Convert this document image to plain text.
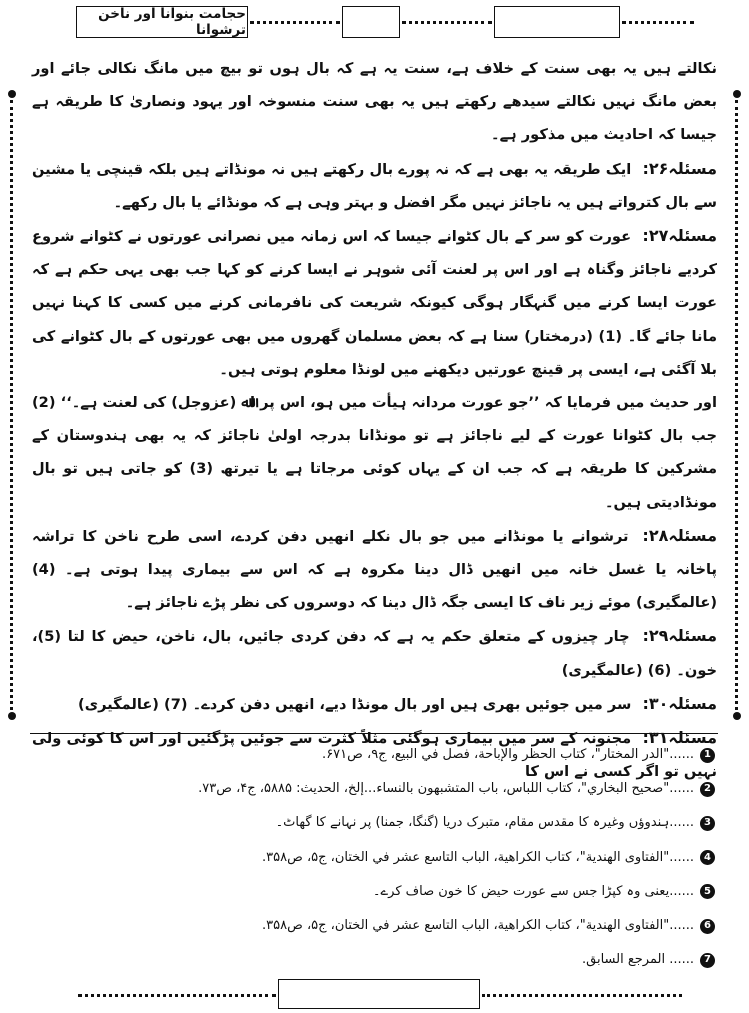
حجامت بنوانا اور ناخن ترشوانا

نکالتے ہیں یہ بھی سنت کے خلاف ہے، سنت یہ ہے کہ بال ہوں تو بیچ میں مانگ نکالی جائے اور بعض مانگ نہیں نکالتے سیدھے رکھتے ہیں یہ بھی سنت منسوخہ اور یہود ونصاریٰ کا طریقہ ہے جیسا کہ احادیث میں مذکور ہے۔

مسئلہ۲۶: ایک طریقہ یہ بھی ہے کہ نہ پورے بال رکھتے ہیں نہ مونڈاتے ہیں بلکہ قینچی یا مشین سے بال کترواتے ہیں یہ ناجائز نہیں مگر افضل و بہتر وہی ہے کہ مونڈائے یا بال رکھے۔

مسئلہ۲۷: عورت کو سر کے بال کٹوانے جیسا کہ اس زمانہ میں نصرانی عورتوں نے کٹوانے شروع کردیے ناجائز وگناہ ہے اور اس پر لعنت آئی شوہر نے ایسا کرنے کو کہا جب بھی یہی حکم ہے کہ عورت ایسا کرنے میں گنہگار ہوگی کیونکہ شریعت کی نافرمانی کرنے میں کسی کا کہنا نہیں مانا جائے گا۔ (1) (درمختار) سنا ہے کہ بعض مسلمان گھروں میں بھی عورتوں کے بال کٹوانے کی بلا آگئی ہے، ایسی پر قینچ عورتیں دیکھنے میں لونڈا معلوم ہوتی ہیں۔

اور حدیث میں فرمایا کہ ’’جو عورت مردانہ ہیأت میں ہو، اس پر اﷲ (عزوجل) کی لعنت ہے۔‘‘ (2) جب بال کٹوانا عورت کے لیے ناجائز ہے تو مونڈانا بدرجہ اولیٰ ناجائز کہ یہ بھی ہندوستان کے مشرکین کا طریقہ ہے کہ جب ان کے یہاں کوئی مرجاتا ہے یا تیرتھ (3) کو جاتی ہیں تو بال مونڈادیتی ہیں۔

مسئلہ۲۸: ترشوانے یا مونڈانے میں جو بال نکلے انھیں دفن کردے، اسی طرح ناخن کا تراشہ پاخانہ یا غسل خانہ میں انھیں ڈال دینا مکروہ ہے کہ اس سے بیماری پیدا ہوتی ہے۔ (4) (عالمگیری) موئے زیر ناف کا ایسی جگہ ڈال دینا کہ دوسروں کی نظر پڑے ناجائز ہے۔

مسئلہ۲۹: چار چیزوں کے متعلق حکم یہ ہے کہ دفن کردی جائیں، بال، ناخن، حیض کا لتا (5)، خون۔ (6) (عالمگیری)

مسئلہ۳۰: سر میں جوئیں بھری ہیں اور بال مونڈا دیے، انھیں دفن کردے۔ (7) (عالمگیری)

مسئلہ۳۱: مجنونہ کے سر میں بیماری ہوگئی مثلاً کثرت سے جوئیں پڑگئیں اور اس کا کوئی ولی نہیں تو اگر کسی نے اس کا

1
......"الدر المختار"، كتاب الحظر والإباحة، فصل في البيع، ج۹، ص۶۷۱.
2
......"صحيح البخاري"، كتاب اللباس، باب المتشبهون بالنساء...إلخ، الحديث: ۵۸۸۵، ج۴، ص۷۳.
3
......ہندوؤں وغیرہ کا مقدس مقام، متبرک دریا (گنگا، جمنا) پر نہانے کا گھاٹ۔
4
......"الفتاوى الهندية"، كتاب الكراهية، الباب التاسع عشر في الختان، ج۵، ص۳۵۸.
5
......یعنی وہ کپڑا جس سے عورت حیض کا خون صاف کرے۔
6
......"الفتاوى الهندية"، كتاب الكراهية، الباب التاسع عشر في الختان، ج۵، ص۳۵۸.
7
...... المرجع السابق.
